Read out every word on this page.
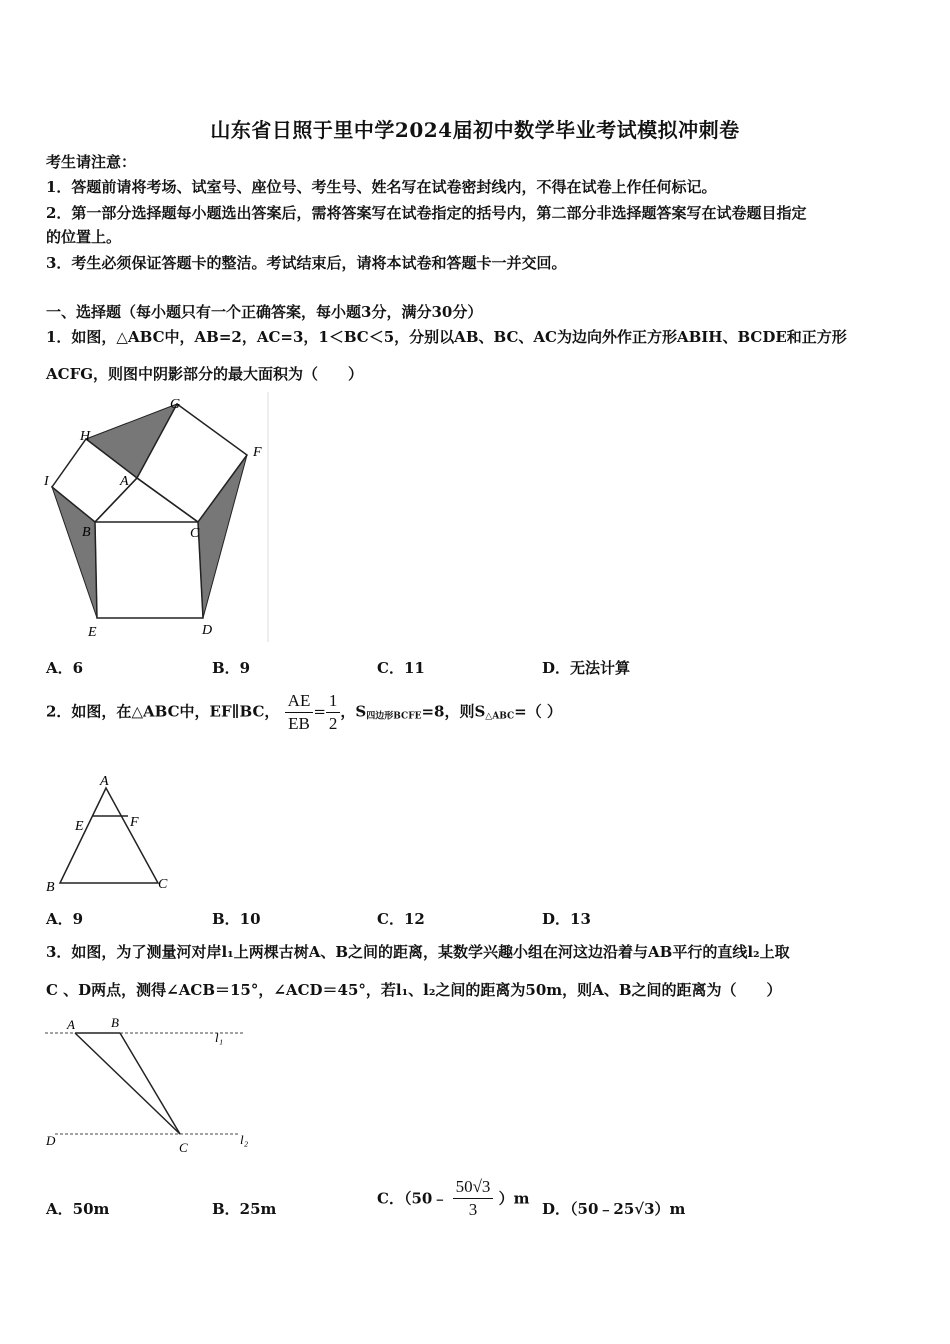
山东省日照于里中学2024届初中数学毕业考试模拟冲刺卷
考生请注意：
1．答题前请将考场、试室号、座位号、考生号、姓名写在试卷密封线内，不得在试卷上作任何标记。
2．第一部分选择题每小题选出答案后，需将答案写在试卷指定的括号内，第二部分非选择题答案写在试卷题目指定
的位置上。
3．考生必须保证答题卡的整洁。考试结束后，请将本试卷和答题卡一并交回。
一、选择题（每小题只有一个正确答案，每小题3分，满分30分）
1．如图，△ABC中，AB=2，AC=3，1＜BC＜5，分别以AB、BC、AC为边向外作正方形ABIH、BCDE和正方形
ACFG，则图中阴影部分的最大面积为（　　）
G
H
F
I	A
B	C
E	D
A．6	B．9	C．11	D．无法计算
2．如图，在△ABC中，EF∥BC， $\frac{AE}{EB} = \frac{1}{2}$ ，$S_{四边形BCFE}=8$，则$S_{\triangle ABC}=$（ ）
A
E	F
B	C
A．9	B．10	C．12	D．13
3．如图，为了测量河对岸l₁上两棵古树A、B之间的距离，某数学兴趣小组在河这边沿着与AB平行的直线l₂上取
C 、D两点，测得∠ACB＝15°，∠ACD＝45°，若l₁、l₂之间的距离为50m，则A、B之间的距离为（　　）
A	B
l₁
D	C
l₂
A．50m	B．25m
C．（50﹣ $\frac{50√3}{3} )m$
D．（50﹣25√3）m
